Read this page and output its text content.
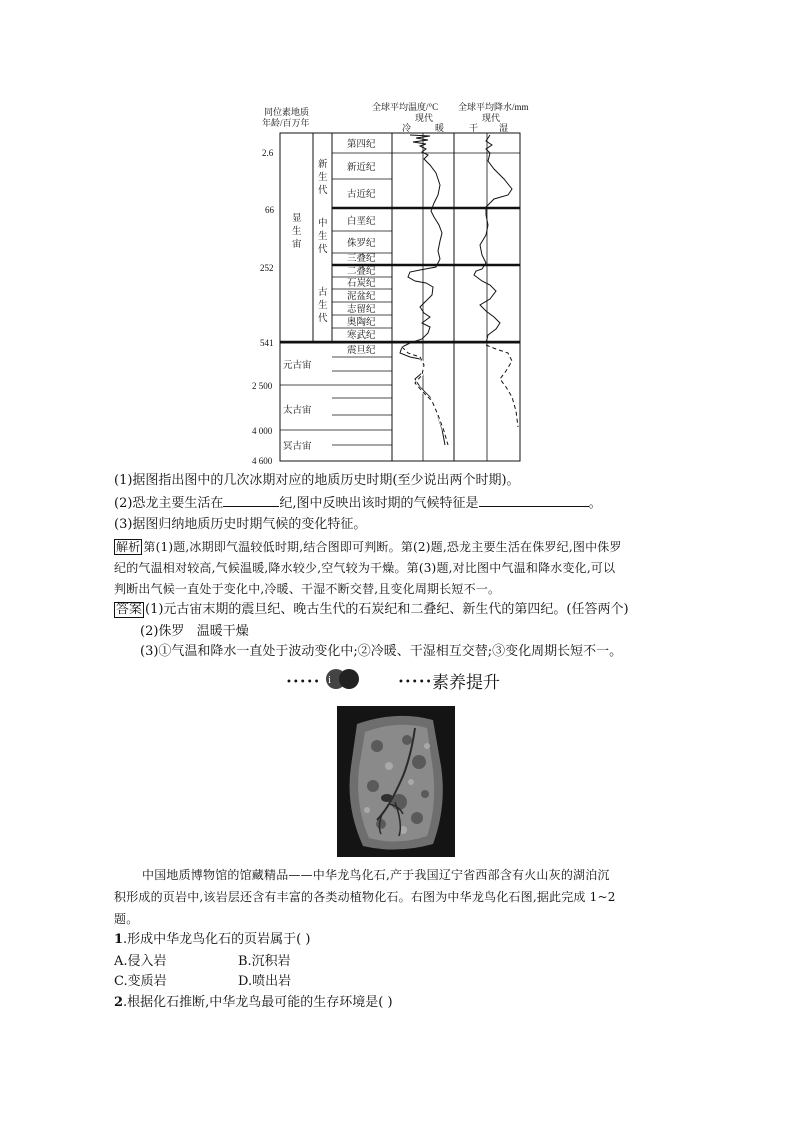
同位素地质
年龄/百万年
全球平均温度/°C 全球平均降水/mm
现代	现代
冷	暖	干 湿
2.6
66
252
541
2 500
4 000
4 600
显
生
宙
新
生
代
中
生
代
古
生
代
第四纪
新近纪
古近纪
白垩纪
侏罗纪
三叠纪
二叠纪
石炭纪
泥盆纪
志留纪
奥陶纪
寒武纪
震旦纪
元古宙
太古宙
冥古宙
(1)据图指出图中的几次冰期对应的地质历史时期(至少说出两个时期)。
(2)恐龙主要生活在	纪,图中反映出该时期的气候特征是	。
(3)据图归纳地质历史时期气候的变化特征。
解析 第(1)题,冰期即气温较低时期,结合图即可判断。第(2)题,恐龙主要生活在侏罗纪,图中侏罗
纪的气温相对较高,气候温暖,降水较少,空气较为干燥。第(3)题,对比图中气温和降水变化,可以
判断出气候一直处于变化中,冷暖、干湿不断交替,且变化周期长短不一。
答案 (1)元古宙末期的震旦纪、晚古生代的石炭纪和二叠纪、新生代的第四纪。(任答两个)
(2)侏罗   温暖干燥
(3)①气温和降水一直处于波动变化中;②冷暖、干湿相互交替;③变化周期长短不一。
••••• i	••••• 素养提升
中国地质博物馆的馆藏精品——中华龙鸟化石,产于我国辽宁省西部含有火山灰的湖泊沉
积形成的页岩中,该岩层还含有丰富的各类动植物化石。右图为中华龙鸟化石图,据此完成 1~2
题。
1.形成中华龙鸟化石的页岩属于( )
A.侵入岩	B.沉积岩
C.变质岩	D.喷出岩
2.根据化石推断,中华龙鸟最可能的生存环境是( )
